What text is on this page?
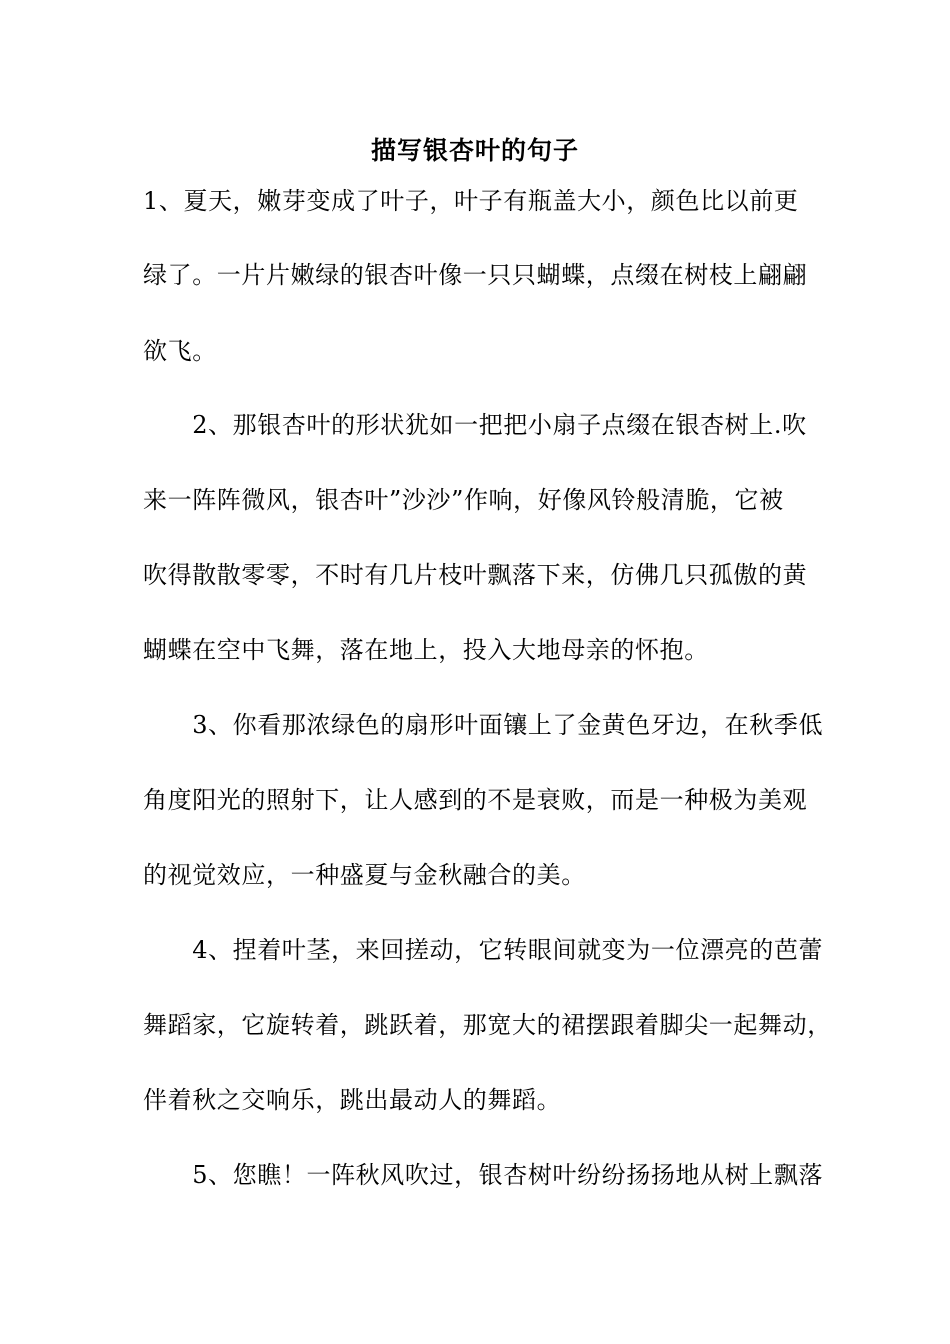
描写银杏叶的句子
1、夏天，嫩芽变成了叶子，叶子有瓶盖大小，颜色比以前更
绿了。一片片嫩绿的银杏叶像一只只蝴蝶，点缀在树枝上翩翩
欲飞。
　　2、那银杏叶的形状犹如一把把小扇子点缀在银杏树上.吹
来一阵阵微风，银杏叶”沙沙”作响，好像风铃般清脆，它被
吹得散散零零，不时有几片枝叶飘落下来，仿佛几只孤傲的黄
蝴蝶在空中飞舞，落在地上，投入大地母亲的怀抱。
　　3、你看那浓绿色的扇形叶面镶上了金黄色牙边，在秋季低
角度阳光的照射下，让人感到的不是衰败，而是一种极为美观
的视觉效应，一种盛夏与金秋融合的美。
　　4、捏着叶茎，来回搓动，它转眼间就变为一位漂亮的芭蕾
舞蹈家，它旋转着，跳跃着，那宽大的裙摆跟着脚尖一起舞动，
伴着秋之交响乐，跳出最动人的舞蹈。
　　5、您瞧！一阵秋风吹过，银杏树叶纷纷扬扬地从树上飘落
